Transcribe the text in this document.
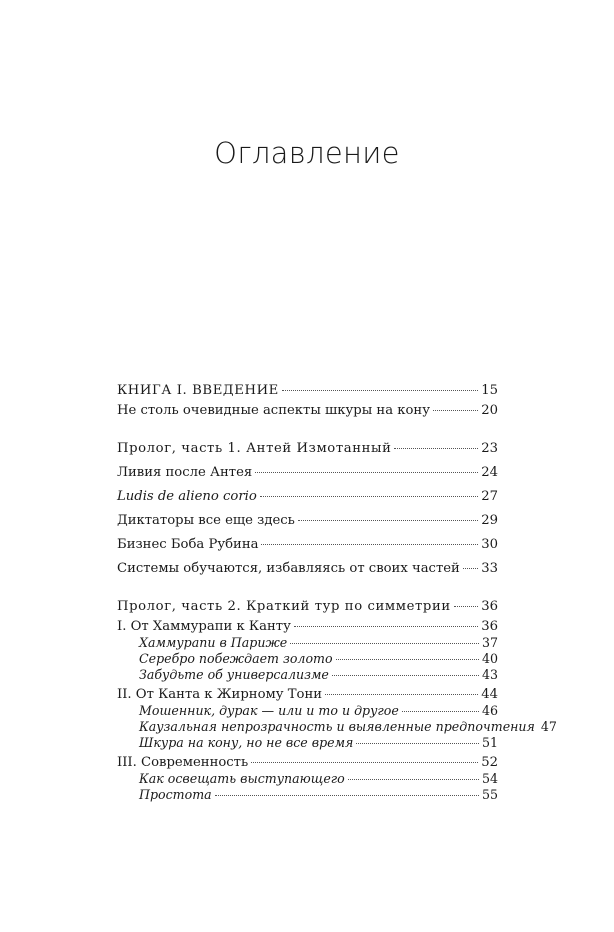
Оглавление
КНИГА I. ВВЕДЕНИЕ	15
Не столь очевидные аспекты шкуры на кону	20
Пролог, часть 1. Антей Измотанный	23
Ливия после Антея	24
Ludis de alieno corio	27
Диктаторы все еще здесь	29
Бизнес Боба Рубина	30
Системы обучаются, избавляясь от своих частей 33
Пролог, часть 2. Краткий тур по симметрии 36
I. От Хаммурапи к Канту	36
Хаммурапи в Париже	37
Серебро побеждает золото	40
Забудьте об универсализме	43
II. От Канта к Жирному Тони	44
Мошенник, дурак — или и то и другое	46
Каузальная непрозрачность и выявленные предпочтения 47
Шкура на кону, но не все время	51
III. Современность	52
Как освещать выступающего	54
Простота	55
